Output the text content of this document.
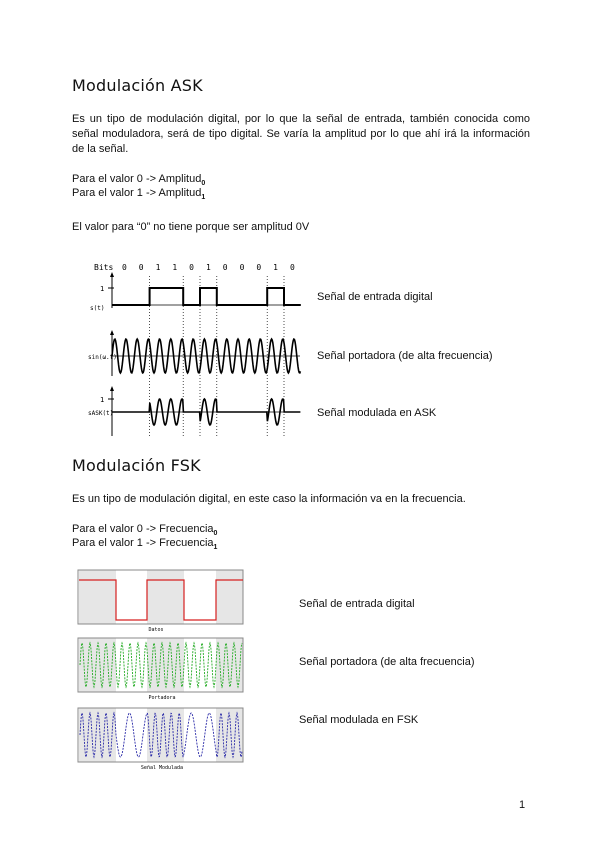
Modulación ASK

Es un tipo de modulación digital, por lo que la señal de entrada, también conocida como señal moduladora, será de tipo digital. Se varía la amplitud por lo que ahí irá la información de la señal.

Para el valor 0 -> Amplitud$_0$

Para el valor 1 -> Amplitud$_1$

El valor para “0” no tiene porque ser amplitud 0V

Bits 0 0 1 1 0 1 0 0 0 1 0
1
s(t)
sin(ω.t)
1
sASK(t)

Señal de entrada digital

Señal portadora (de alta frecuencia)

Señal modulada en ASK

Modulación FSK

Es un tipo de modulación digital, en este caso la información va en la frecuencia.

Para el valor 0 -> Frecuencia$_0$

Para el valor 1 -> Frecuencia$_1$

Datos
Portadora
Señal Modulada

Señal de entrada digital

Señal portadora (de alta frecuencia)

Señal modulada en FSK

1
